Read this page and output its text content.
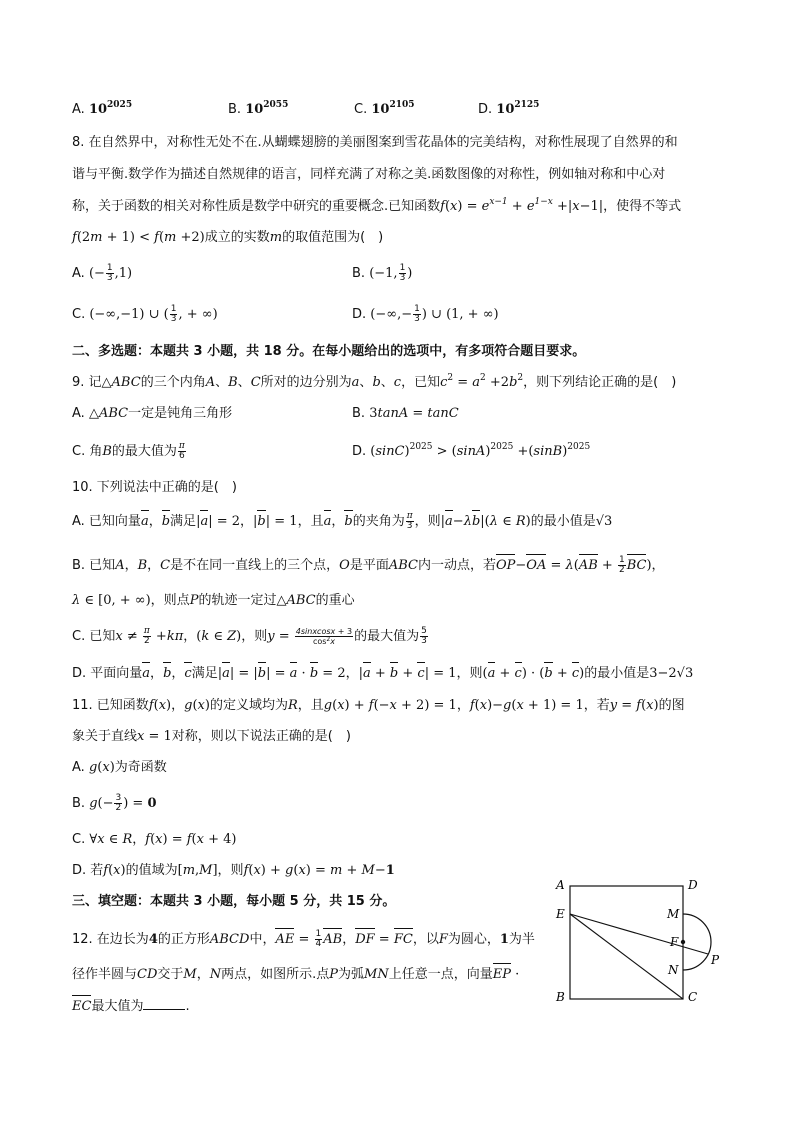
A. $10^{2025}$	B. $10^{2055}$	C. $10^{2105}$	D. $10^{2125}$
8. 在自然界中，对称性无处不在.从蝴蝶翅膀的美丽图案到雪花晶体的完美结构，对称性展现了自然界的和
谐与平衡.数学作为描述自然规律的语言，同样充满了对称之美.函数图像的对称性，例如轴对称和中心对
称，关于函数的相关对称性质是数学中研究的重要概念.已知函数$f(x) = e^{x-1} + e^{1-x} +|x-1|$，使得不等式
f(2m + 1) < f(m +2)成立的实数m的取值范围为(　)
A. (− $\frac{1}{3} ,1$)	B. (−1, $\frac{1}{3}$ )
C. (−∞,−1) ∪ ( $\frac{1}{3}$ , + ∞)	D. (−∞,− $\frac{1}{3}$ ) ∪ (1, + ∞)
二、多选题：本题共 3 小题，共 18 分。在每小题给出的选项中，有多项符合题目要求。
9. 记△ABC的三个内角A、B、C所对的边分别为a、b、c，已知$c^2 = a^2 +2b^2$，则下列结论正确的是(　)
A. △ABC一定是钝角三角形	B. 3tanA = tanC
C. 角B的最大值为 $\frac{\pi}{6}$	D. $(\sin C)^{2025} > (\sin A)^{2025} +(\sin B)^{2025}$
10. 下列说法中正确的是(　)
A. 已知向量a，b满足|a| = 2，|b| = 1，且a，b的夹角为 $\frac{\pi}{3}$ ，则|a−λb|(λ ∈ R)的最小值是√3
B. 已知A，B，C是不在同一直线上的三个点，O是平面ABC内一动点，若$OP-OA = \lambda(AB + \frac{1}{2} BC)$，
λ ∈ [0, + ∞)，则点P的轨迹一定过△ABC的重心
C. 已知$x \ne \frac{\pi}{2} +k\pi$，(k ∈ Z)，则$y = \frac{\text{4sinxcosx + 3}}{\cos^2x}$ 的最大值为 $\frac{5}{3}$
D. 平面向量a，b，c满足|a| = |b| = a · b = 2，|a + b + c| = 1，则(a + c) · (b + c)的最小值是3−2√3
11. 已知函数f(x)，g(x)的定义域均为R，且g(x) + f(−x + 2) = 1，f(x)−g(x + 1) = 1，若y = f(x)的图
象关于直线x = 1对称，则以下说法正确的是(　)
A. g(x)为奇函数
B. $g(- \frac{3}{2}$ ) = 0
C. ∀x ∈ R，f(x) = f(x + 4)
D. 若f(x)的值域为[m,M]，则f(x) + g(x) = m + M−1
三、填空题：本题共 3 小题，每小题 5 分，共 15 分。
12. 在边长为4的正方形ABCD中，AE = $\frac{1}{4}$ AB，DF = FC，以F为圆心，1为半
径作半圆与CD交于M，N两点，如图所示.点P为弧MN上任意一点，向量EP ·
EC最大值为	.
A
B	C
D
E
F
M
N
P
